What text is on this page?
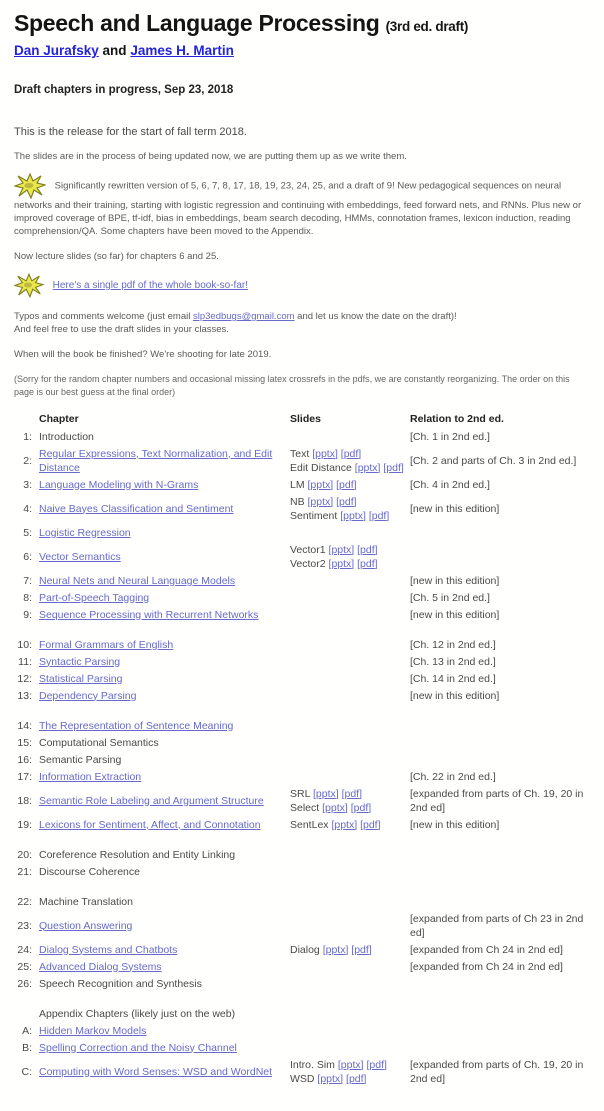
Speech and Language Processing (3rd ed. draft)
Dan Jurafsky and James H. Martin

Draft chapters in progress, Sep 23, 2018

This is the release for the start of fall term 2018.

The slides are in the process of being updated now, we are putting them up as we write them.

Significantly rewritten version of 5, 6, 7, 8, 17, 18, 19, 23, 24, 25, and a draft of 9! New pedagogical sequences on neural networks and their training, starting with logistic regression and continuing with embeddings, feed forward nets, and RNNs. Plus new or improved coverage of BPE, tf-idf, bias in embeddings, beam search decoding, HMMs, connotation frames, lexicon induction, reading comprehension/QA. Some chapters have been moved to the Appendix.

Now lecture slides (so far) for chapters 6 and 25.

Here's a single pdf of the whole book-so-far!

Typos and comments welcome (just email slp3edbugs@gmail.com and let us know the date on the draft)!
And feel free to use the draft slides in your classes.

When will the book be finished? We're shooting for late 2019.

(Sorry for the random chapter numbers and occasional missing latex crossrefs in the pdfs, we are constantly reorganizing. The order on this page is our best guess at the final order)

	Chapter	Slides	Relation to 2nd ed.
1:	Introduction		[Ch. 1 in 2nd ed.]
2:	Regular Expressions, Text Normalization, and Edit Distance	Text [pptx] [pdf]
Edit Distance [pptx] [pdf]	[Ch. 2 and parts of Ch. 3 in 2nd ed.]
3:	Language Modeling with N-Grams	LM [pptx] [pdf]	[Ch. 4 in 2nd ed.]
4:	Naive Bayes Classification and Sentiment	NB [pptx] [pdf]
Sentiment [pptx] [pdf]	[new in this edition]
5:	Logistic Regression		
6:	Vector Semantics	Vector1 [pptx] [pdf]
Vector2 [pptx] [pdf]	

7:	Neural Nets and Neural Language Models		[new in this edition]
8:	Part-of-Speech Tagging		[Ch. 5 in 2nd ed.]
9:	Sequence Processing with Recurrent Networks		[new in this edition]

10:	Formal Grammars of English		[Ch. 12 in 2nd ed.]
11:	Syntactic Parsing		[Ch. 13 in 2nd ed.]
12:	Statistical Parsing		[Ch. 14 in 2nd ed.]
13:	Dependency Parsing		[new in this edition]

14:	The Representation of Sentence Meaning		
15:	Computational Semantics		
16:	Semantic Parsing		
17:	Information Extraction		[Ch. 22 in 2nd ed.]
18:	Semantic Role Labeling and Argument Structure	SRL [pptx] [pdf]
Select [pptx] [pdf]	[expanded from parts of Ch. 19, 20 in 2nd ed]
19:	Lexicons for Sentiment, Affect, and Connotation	SentLex [pptx] [pdf]	[new in this edition]

20:	Coreference Resolution and Entity Linking		
21:	Discourse Coherence		

22:	Machine Translation		
23:	Question Answering		[expanded from parts of Ch 23 in 2nd ed]
24:	Dialog Systems and Chatbots	Dialog [pptx] [pdf]	[expanded from Ch 24 in 2nd ed]
25:	Advanced Dialog Systems		[expanded from Ch 24 in 2nd ed]
26:	Speech Recognition and Synthesis		

	Appendix Chapters (likely just on the web)		
A:	Hidden Markov Models		
B:	Spelling Correction and the Noisy Channel		
C:	Computing with Word Senses: WSD and WordNet	Intro. Sim [pptx] [pdf]
WSD [pptx] [pdf]	[expanded from parts of Ch. 19, 20 in 2nd ed]
